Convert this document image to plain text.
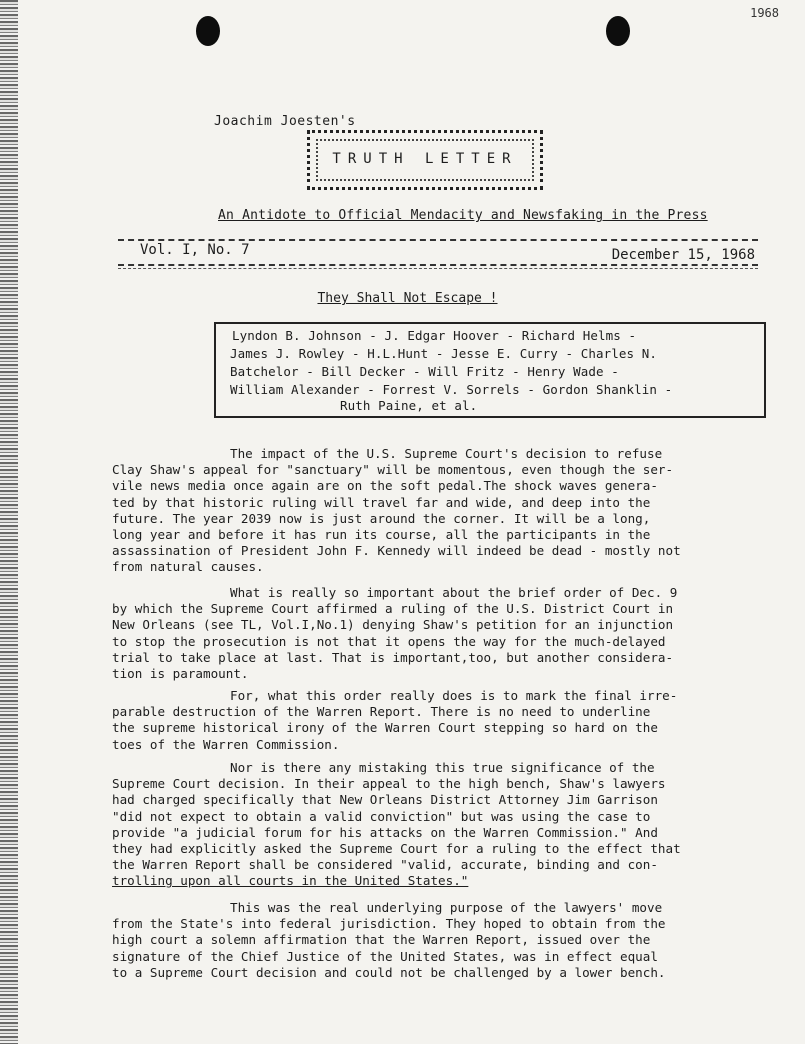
1968
Joachim Joesten's
TRUTH LETTER
An Antidote to Official Mendacity and Newsfaking in the Press
Vol. I, No. 7	December 15, 1968
They Shall Not Escape !
Lyndon B. Johnson - J. Edgar Hoover - Richard Helms -
James J. Rowley - H.L.Hunt - Jesse E. Curry - Charles N.
Batchelor - Bill Decker - Will Fritz - Henry Wade -
William Alexander - Forrest V. Sorrels - Gordon Shanklin -
Ruth Paine, et al.
The impact of the U.S. Supreme Court's decision to refuse
Clay Shaw's appeal for "sanctuary" will be momentous, even though the ser-
vile news media once again are on the soft pedal.The shock waves genera-
ted by that historic ruling will travel far and wide, and deep into the
future. The year 2039 now is just around the corner. It will be a long,
long year and before it has run its course, all the participants in the
assassination of President John F. Kennedy will indeed be dead - mostly not
from natural causes.
What is really so important about the brief order of Dec. 9
by which the Supreme Court affirmed a ruling of the U.S. District Court in
New Orleans (see TL, Vol.I,No.1) denying Shaw's petition for an injunction
to stop the prosecution is not that it opens the way for the much-delayed
trial to take place at last. That is important,too, but another considera-
tion is paramount.
For, what this order really does is to mark the final irre-
parable destruction of the Warren Report. There is no need to underline
the supreme historical irony of the Warren Court stepping so hard on the
toes of the Warren Commission.
Nor is there any mistaking this true significance of the
Supreme Court decision. In their appeal to the high bench, Shaw's lawyers
had charged specifically that New Orleans District Attorney Jim Garrison
"did not expect to obtain a valid conviction" but was using the case to
provide "a judicial forum for his attacks on the Warren Commission." And
they had explicitly asked the Supreme Court for a ruling to the effect that
the Warren Report shall be considered "valid, accurate, binding and con-
trolling upon all courts in the United States."
This was the real underlying purpose of the lawyers' move
from the State's into federal jurisdiction. They hoped to obtain from the
high court a solemn affirmation that the Warren Report, issued over the
signature of the Chief Justice of the United States, was in effect equal
to a Supreme Court decision and could not be challenged by a lower bench.
